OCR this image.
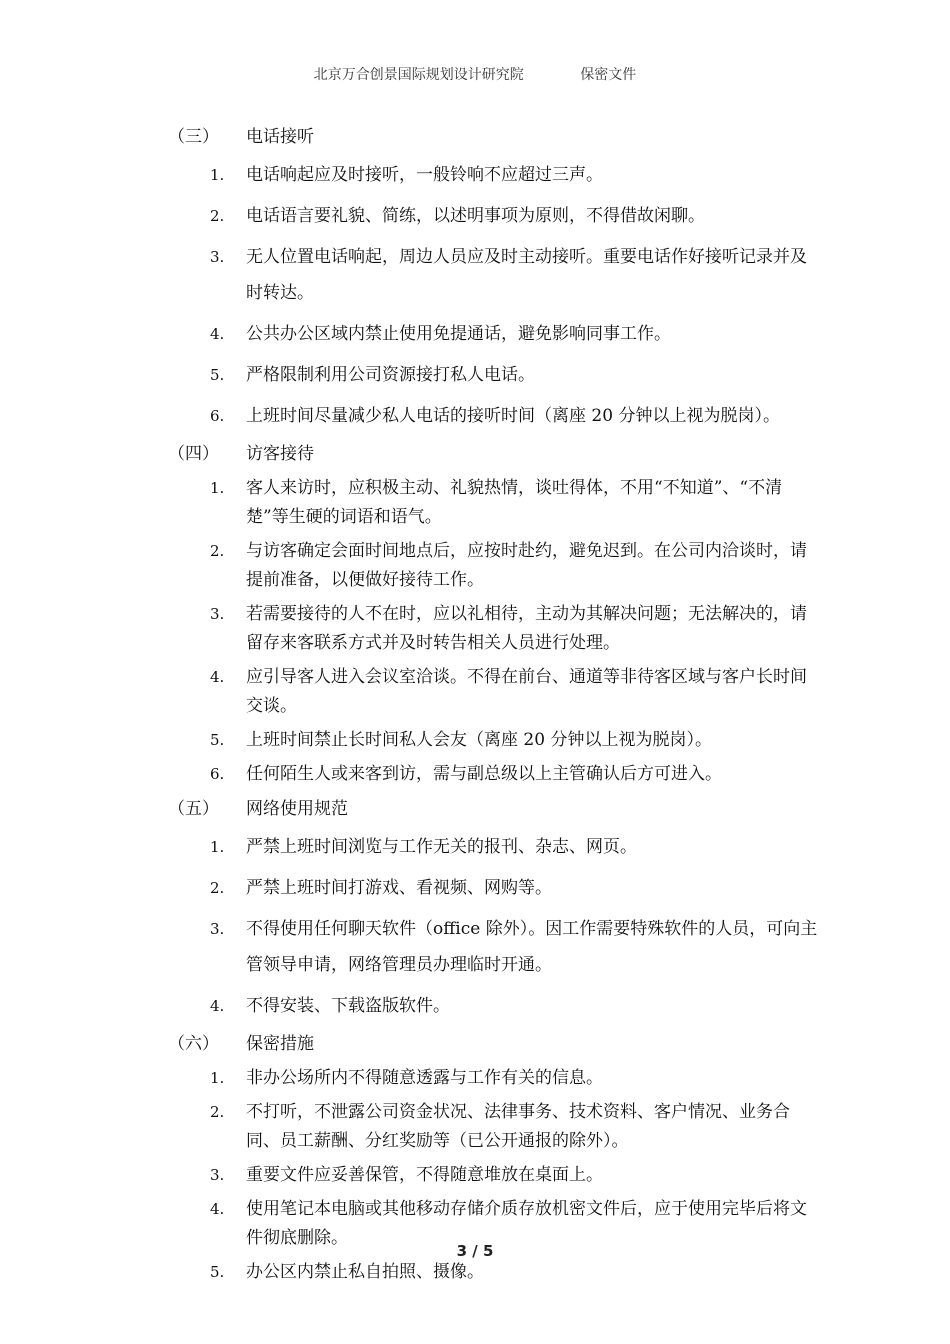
北京万合创景国际规划设计研究院	保密文件
（三）	电话接听
1.	电话响起应及时接听，一般铃响不应超过三声。
2.	电话语言要礼貌、简练，以述明事项为原则，不得借故闲聊。
3.	无人位置电话响起，周边人员应及时主动接听。重要电话作好接听记录并及时转达。
4.	公共办公区域内禁止使用免提通话，避免影响同事工作。
5.	严格限制利用公司资源接打私人电话。
6.	上班时间尽量减少私人电话的接听时间（离座 20 分钟以上视为脱岗）。
（四）	访客接待
1.	客人来访时，应积极主动、礼貌热情，谈吐得体，不用“不知道”、“不清楚”等生硬的词语和语气。
2.	与访客确定会面时间地点后，应按时赴约，避免迟到。在公司内洽谈时，请提前准备，以便做好接待工作。
3.	若需要接待的人不在时，应以礼相待，主动为其解决问题；无法解决的，请留存来客联系方式并及时转告相关人员进行处理。
4.	应引导客人进入会议室洽谈。不得在前台、通道等非待客区域与客户长时间交谈。
5.	上班时间禁止长时间私人会友（离座 20 分钟以上视为脱岗）。
6.	任何陌生人或来客到访，需与副总级以上主管确认后方可进入。
（五）	网络使用规范
1.	严禁上班时间浏览与工作无关的报刊、杂志、网页。
2.	严禁上班时间打游戏、看视频、网购等。
3.	不得使用任何聊天软件（office 除外）。因工作需要特殊软件的人员，可向主管领导申请，网络管理员办理临时开通。
4.	不得安装、下载盗版软件。
（六）	保密措施
1.	非办公场所内不得随意透露与工作有关的信息。
2.	不打听，不泄露公司资金状况、法律事务、技术资料、客户情况、业务合同、员工薪酬、分红奖励等（已公开通报的除外）。
3.	重要文件应妥善保管，不得随意堆放在桌面上。
4.	使用笔记本电脑或其他移动存储介质存放机密文件后，应于使用完毕后将文件彻底删除。
5.	办公区内禁止私自拍照、摄像。
3 / 5
